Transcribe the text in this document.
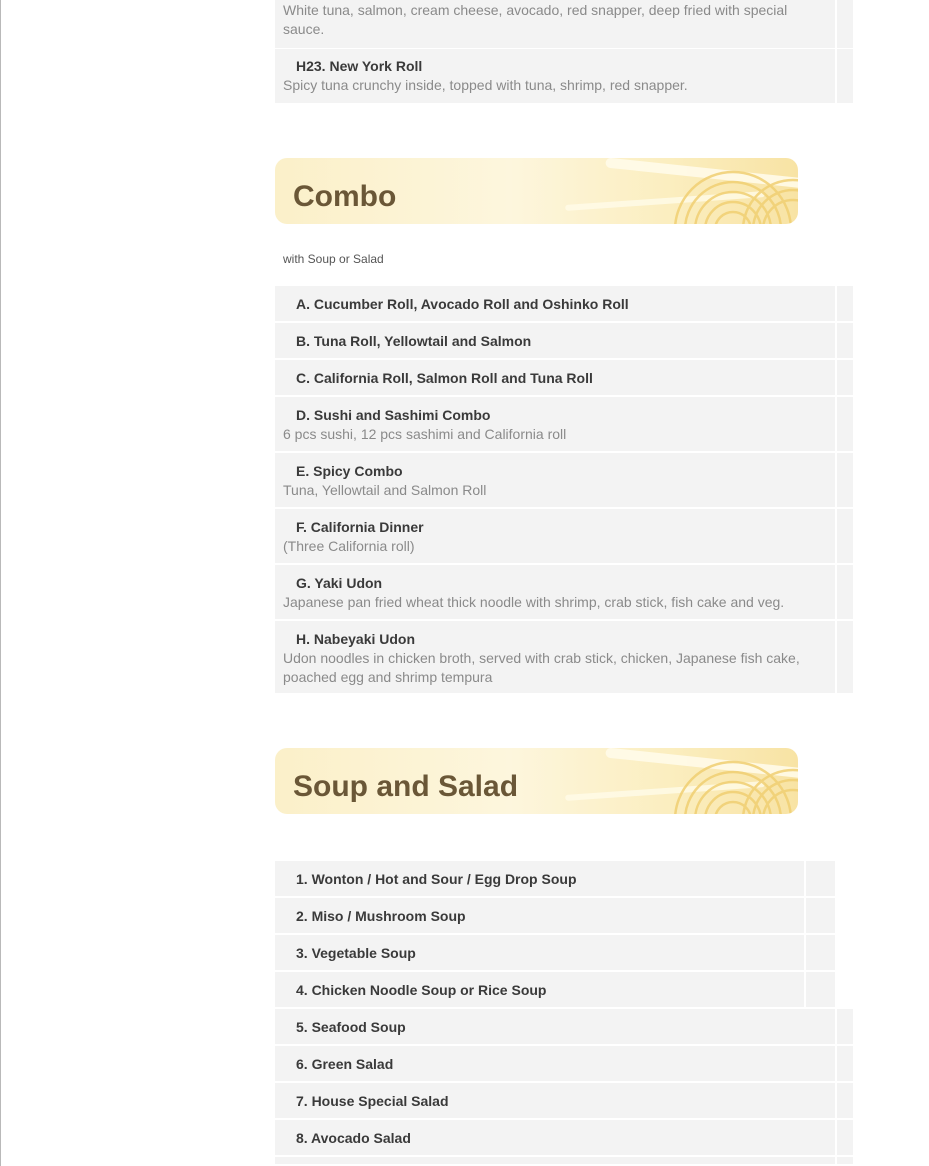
White tuna, salmon, cream cheese, avocado, red snapper, deep fried with special sauce.
H23. New York Roll
Spicy tuna crunchy inside, topped with tuna, shrimp, red snapper.
Combo
with Soup or Salad
A. Cucumber Roll, Avocado Roll and Oshinko Roll
B. Tuna Roll, Yellowtail and Salmon
C. California Roll, Salmon Roll and Tuna Roll
D. Sushi and Sashimi Combo
6 pcs sushi, 12 pcs sashimi and California roll
E. Spicy Combo
Tuna, Yellowtail and Salmon Roll
F. California Dinner
(Three California roll)
G. Yaki Udon
Japanese pan fried wheat thick noodle with shrimp, crab stick, fish cake and veg.
H. Nabeyaki Udon
Udon noodles in chicken broth, served with crab stick, chicken, Japanese fish cake, poached egg and shrimp tempura
Soup and Salad
1. Wonton / Hot and Sour / Egg Drop Soup
2. Miso / Mushroom Soup
3. Vegetable Soup
4. Chicken Noodle Soup or Rice Soup
5. Seafood Soup
6. Green Salad
7. House Special Salad
8. Avocado Salad
